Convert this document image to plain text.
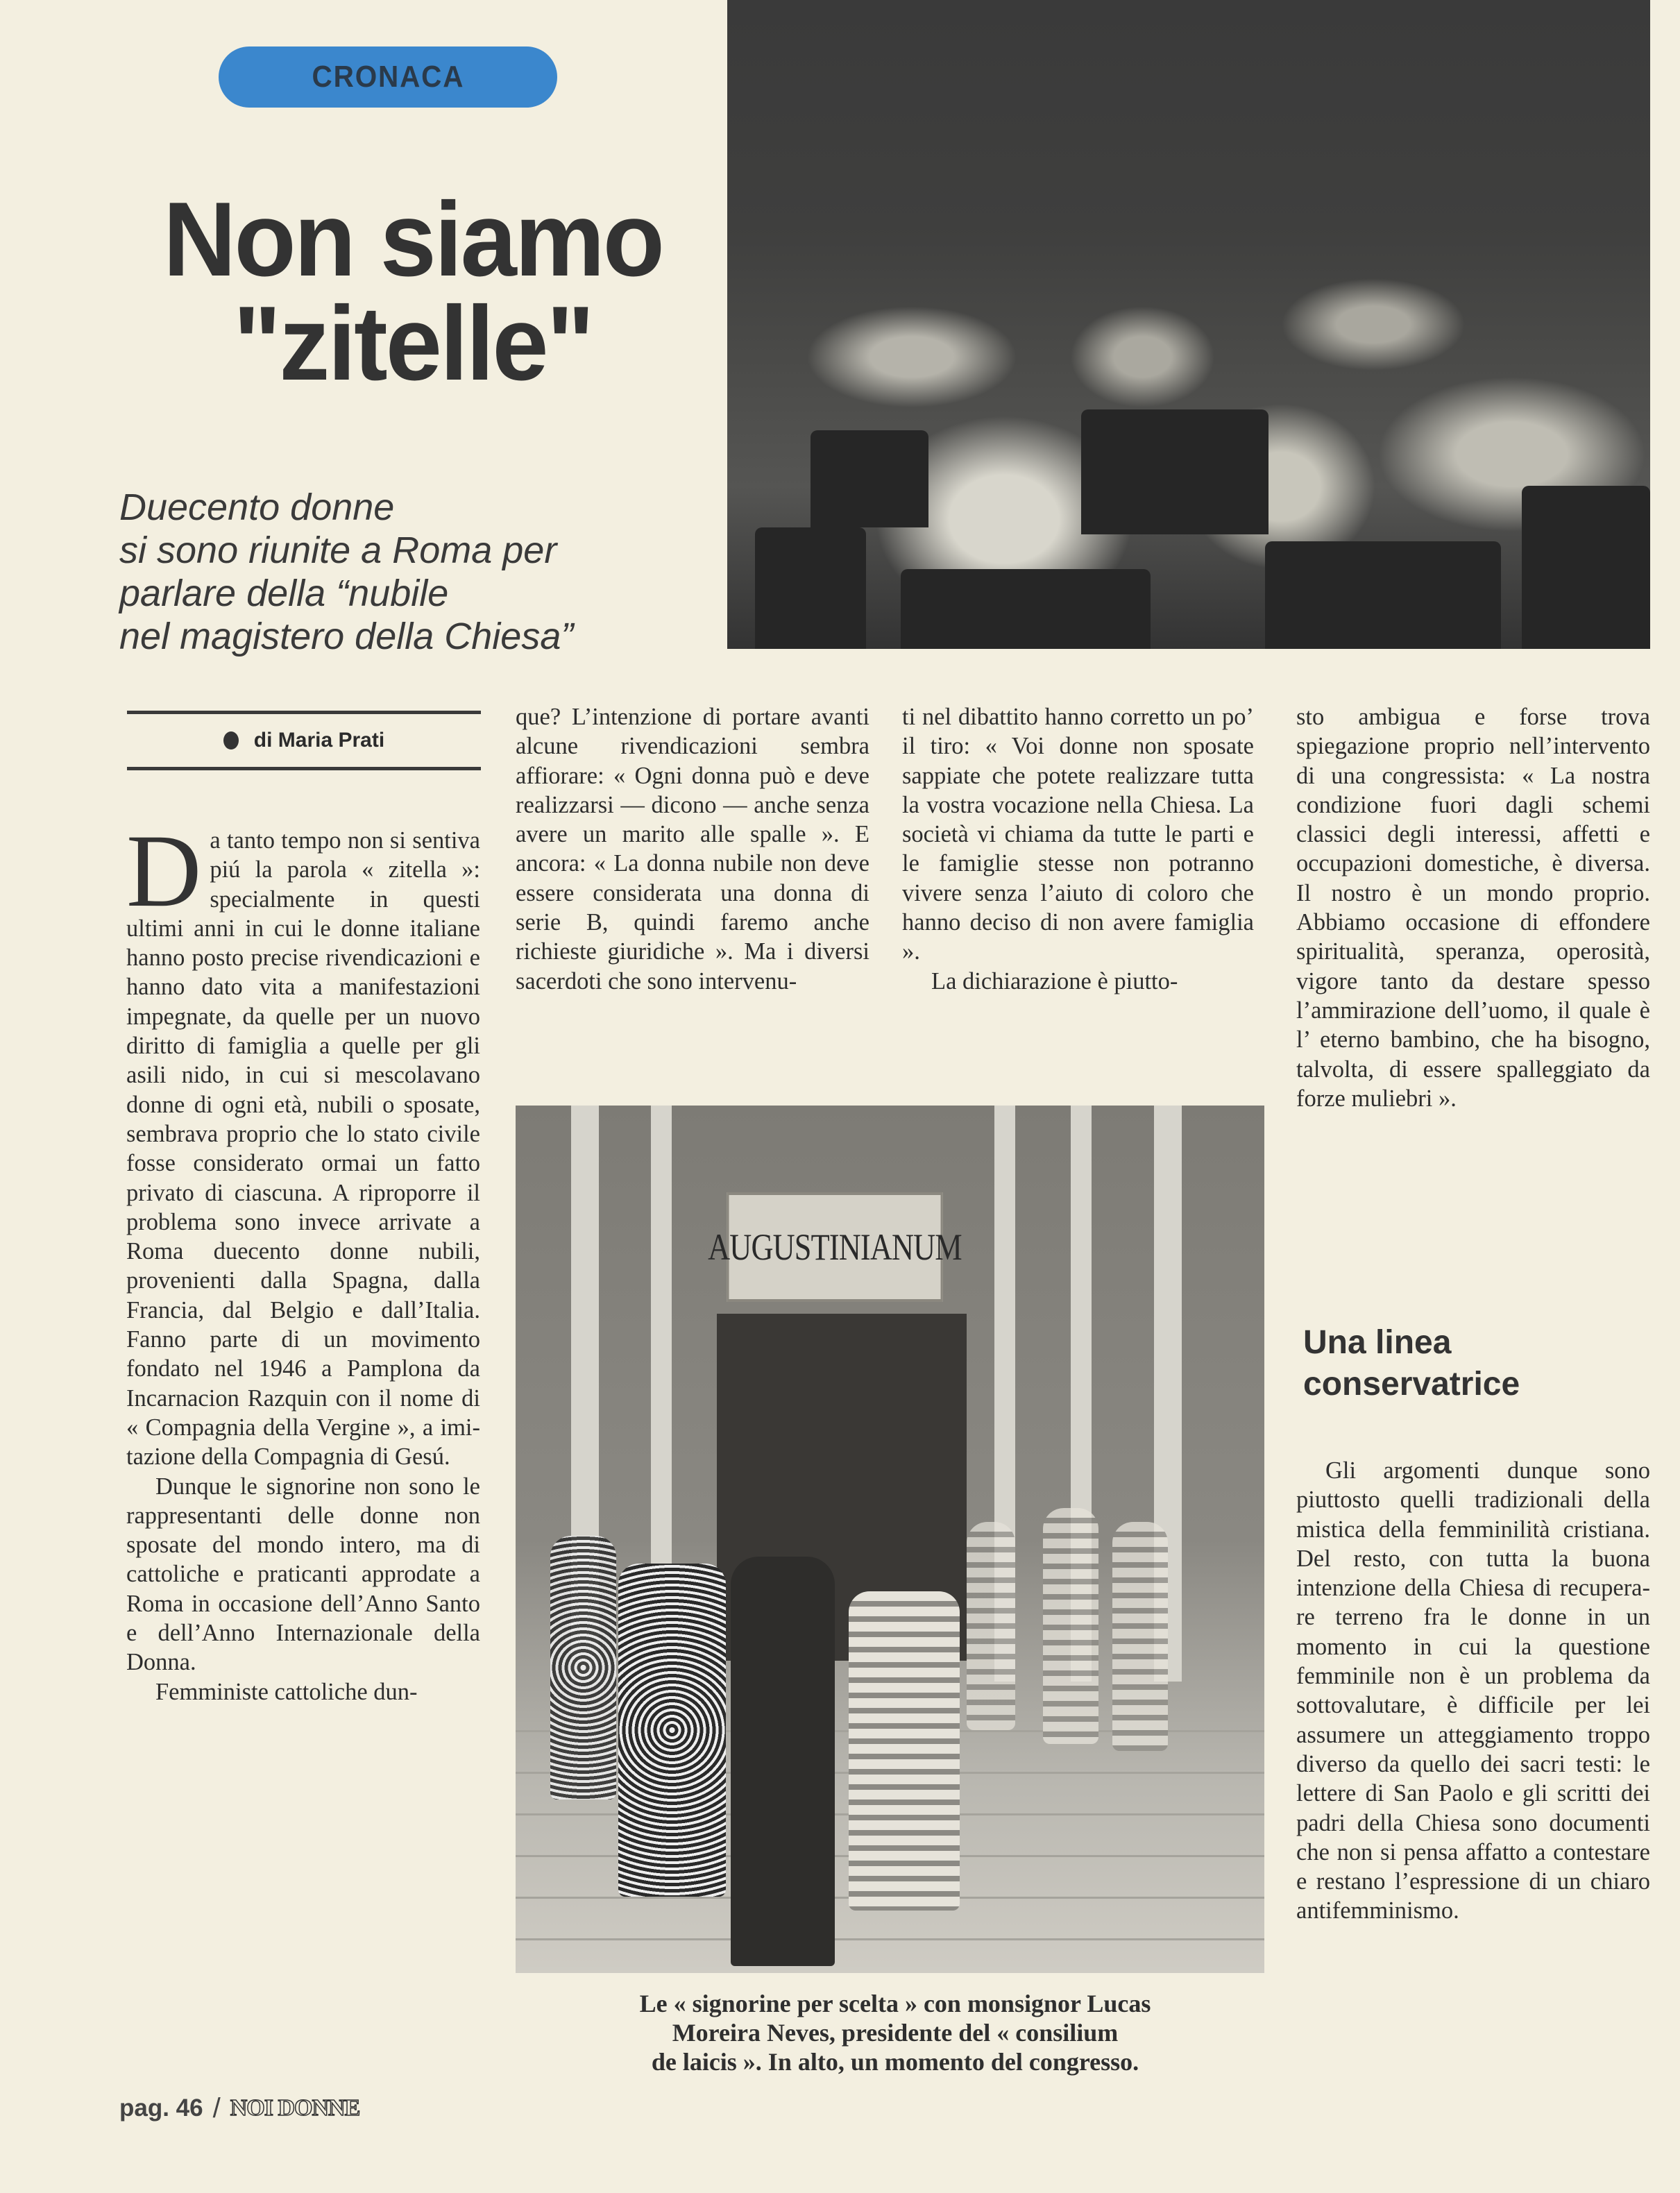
CRONACA
Non siamo
"zitelle"
Duecento donne
si sono riunite a Roma per
parlare della “nubile
nel magistero della Chiesa”
di Maria Prati

Da tanto tempo non si sentiva piú la parola « zitella »: specialmente in questi ultimi anni in cui le donne italiane hanno posto precise rivendicazioni e hanno dato vita a manifestazioni impegnate, da quelle per un nuovo diritto di famiglia a quelle per gli asili nido, in cui si mescolavano donne di ogni età, nubili o sposate, sembrava proprio che lo stato civile fosse considerato ormai un fatto privato di ciascuna. A riproporre il problema sono invece arrivate a Roma duecento donne nubili, provenienti dalla Spagna, dalla Francia, dal Belgio e dall’Italia. Fanno parte di un movimento fondato nel 1946 a Pamplona da Incarnacion Razquin con il nome di « Compagnia della Vergine », a imitazione della Compagnia di Gesú.

Dunque le signorine non sono le rappresentanti delle donne non sposate del mondo intero, ma di cattoliche e praticanti approdate a Roma in occasione dell’Anno Santo e dell’Anno Internazionale della Donna.

Femministe cattoliche dun-

que? L’intenzione di portare avanti alcune rivendicazioni sembra affiorare: « Ogni donna può e deve realizzarsi — dicono — anche senza avere un marito alle spalle ». E ancora: « La donna nubile non deve essere considerata una donna di serie B, quindi faremo anche richieste giuridiche ». Ma i diversi sacerdoti che sono intervenu-

ti nel dibattito hanno corretto un po’ il tiro: « Voi donne non sposate sappiate che potete realizzare tutta la vostra vocazione nella Chiesa. La società vi chiama da tutte le parti e le famiglie stesse non potranno vivere senza l’aiuto di coloro che hanno deciso di non avere famiglia ».

La dichiarazione è piutto-

sto ambigua e forse trova spiegazione proprio nell’intervento di una congressista: « La nostra condizione fuori dagli schemi classici degli interessi, affetti e occupazioni domestiche, è diversa. Il nostro è un mondo proprio. Abbiamo occasione di effondere spiritualità, speranza, operosità, vigore tanto da destare spesso l’ammirazione dell’uomo, il quale è l’ eterno bambino, che ha bisogno, talvolta, di essere spalleggiato da forze muliebri ».

Una linea
conservatrice

Gli argomenti dunque sono piuttosto quelli tradizionali della mistica della femminilità cristiana. Del resto, con tutta la buona intenzione della Chiesa di recuperare terreno fra le donne in un momento in cui la questione femminile non è un problema da sottovalutare, è difficile per lei assumere un atteggiamento troppo diverso da quello dei sacri testi: le lettere di San Paolo e gli scritti dei padri della Chiesa sono documenti che non si pensa affatto a contestare e restano l’espressione di un chiaro antifemminismo.

AUGUSTINIANUM
Le « signorine per scelta » con monsignor Lucas
Moreira Neves, presidente del « consilium
de laicis ». In alto, un momento del congresso.
pag. 46 / NOI DONNE
